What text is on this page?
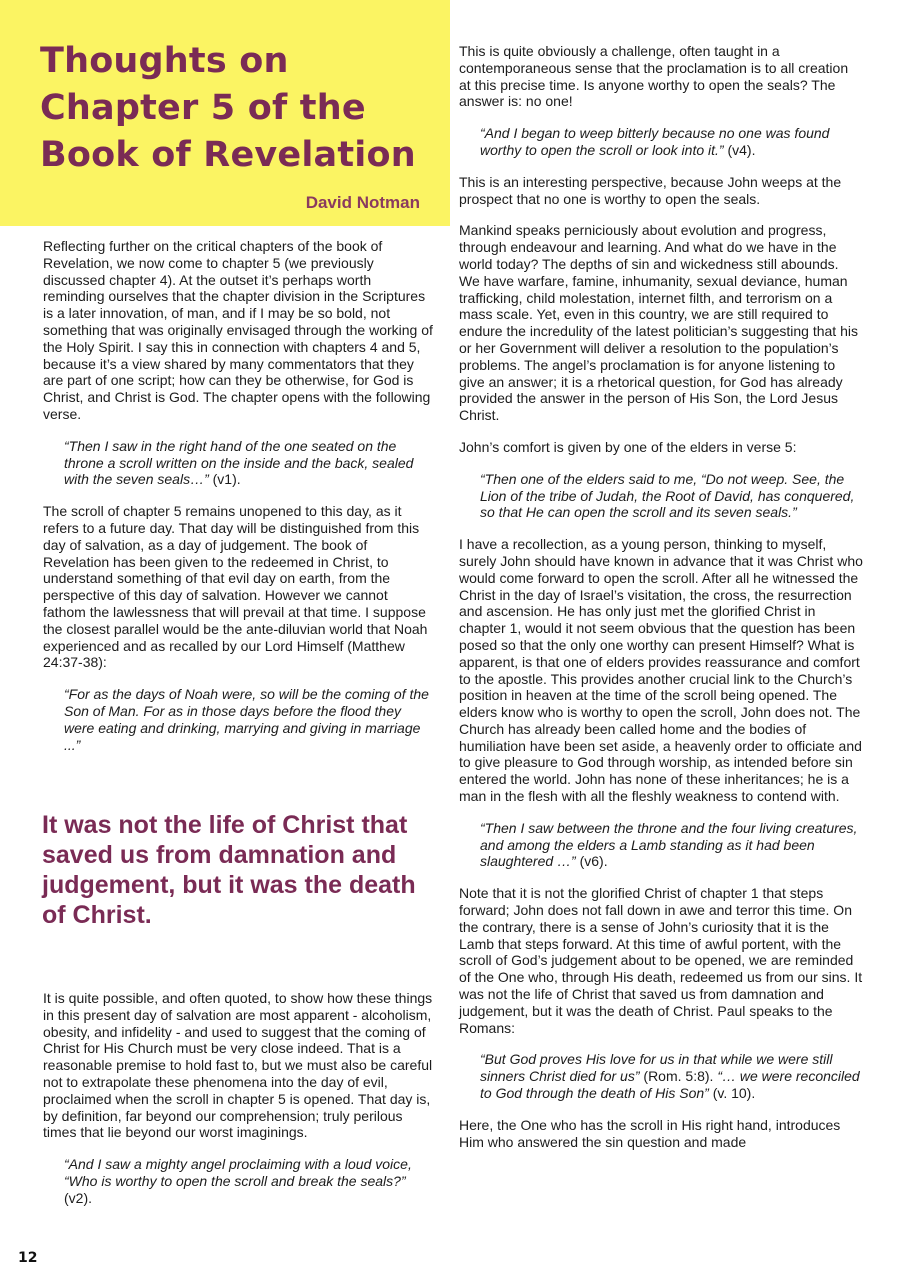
Thoughts on Chapter 5 of the Book of Revelation

David Notman

Reflecting further on the critical chapters of the book of Revelation, we now come to chapter 5 (we previously discussed chapter 4). At the outset it’s perhaps worth reminding ourselves that the chapter division in the Scriptures is a later innovation, of man, and if I may be so bold, not something that was originally envisaged through the working of the Holy Spirit. I say this in connection with chapters 4 and 5, because it’s a view shared by many commentators that they are part of one script; how can they be otherwise, for God is Christ, and Christ is God. The chapter opens with the following verse.

“Then I saw in the right hand of the one seated on the throne a scroll written on the inside and the back, sealed with the seven seals…” (v1).

The scroll of chapter 5 remains unopened to this day, as it refers to a future day. That day will be distinguished from this day of salvation, as a day of judgement. The book of Revelation has been given to the redeemed in Christ, to understand something of that evil day on earth, from the perspective of this day of salvation. However we cannot fathom the lawlessness that will prevail at that time. I suppose the closest parallel would be the ante-diluvian world that Noah experienced and as recalled by our Lord Himself (Matthew 24:37-38):

“For as the days of Noah were, so will be the coming of the Son of Man. For as in those days before the flood they were eating and drinking, marrying and giving in marriage ...”

It was not the life of Christ that saved us from damnation and judgement, but it was the death of Christ.

It is quite possible, and often quoted, to show how these things in this present day of salvation are most apparent - alcoholism, obesity, and infidelity - and used to suggest that the coming of Christ for His Church must be very close indeed. That is a reasonable premise to hold fast to, but we must also be careful not to extrapolate these phenomena into the day of evil, proclaimed when the scroll in chapter 5 is opened. That day is, by definition, far beyond our comprehension; truly perilous times that lie beyond our worst imaginings.

“And I saw a mighty angel proclaiming with a loud voice, “Who is worthy to open the scroll and break the seals?” (v2).

This is quite obviously a challenge, often taught in a contemporaneous sense that the proclamation is to all creation at this precise time. Is anyone worthy to open the seals? The answer is: no one!

“And I began to weep bitterly because no one was found worthy to open the scroll or look into it.” (v4).

This is an interesting perspective, because John weeps at the prospect that no one is worthy to open the seals.

Mankind speaks perniciously about evolution and progress, through endeavour and learning. And what do we have in the world today? The depths of sin and wickedness still abounds. We have warfare, famine, inhumanity, sexual deviance, human trafficking, child molestation, internet filth, and terrorism on a mass scale. Yet, even in this country, we are still required to endure the incredulity of the latest politician’s suggesting that his or her Government will deliver a resolution to the population’s problems. The angel’s proclamation is for anyone listening to give an answer; it is a rhetorical question, for God has already provided the answer in the person of His Son, the Lord Jesus Christ.

John’s comfort is given by one of the elders in verse 5:

“Then one of the elders said to me, “Do not weep. See, the Lion of the tribe of Judah, the Root of David, has conquered, so that He can open the scroll and its seven seals.”

I have a recollection, as a young person, thinking to myself, surely John should have known in advance that it was Christ who would come forward to open the scroll. After all he witnessed the Christ in the day of Israel’s visitation, the cross, the resurrection and ascension. He has only just met the glorified Christ in chapter 1, would it not seem obvious that the question has been posed so that the only one worthy can present Himself? What is apparent, is that one of elders provides reassurance and comfort to the apostle. This provides another crucial link to the Church’s position in heaven at the time of the scroll being opened. The elders know who is worthy to open the scroll, John does not. The Church has already been called home and the bodies of humiliation have been set aside, a heavenly order to officiate and to give pleasure to God through worship, as intended before sin entered the world. John has none of these inheritances; he is a man in the flesh with all the fleshly weakness to contend with.

“Then I saw between the throne and the four living creatures, and among the elders a Lamb standing as it had been slaughtered …” (v6).

Note that it is not the glorified Christ of chapter 1 that steps forward; John does not fall down in awe and terror this time. On the contrary, there is a sense of John’s curiosity that it is the Lamb that steps forward. At this time of awful portent, with the scroll of God’s judgement about to be opened, we are reminded of the One who, through His death, redeemed us from our sins. It was not the life of Christ that saved us from damnation and judgement, but it was the death of Christ. Paul speaks to the Romans:

“But God proves His love for us in that while we were still sinners Christ died for us” (Rom. 5:8). “… we were reconciled to God through the death of His Son” (v. 10).

Here, the One who has the scroll in His right hand, introduces Him who answered the sin question and made

12
